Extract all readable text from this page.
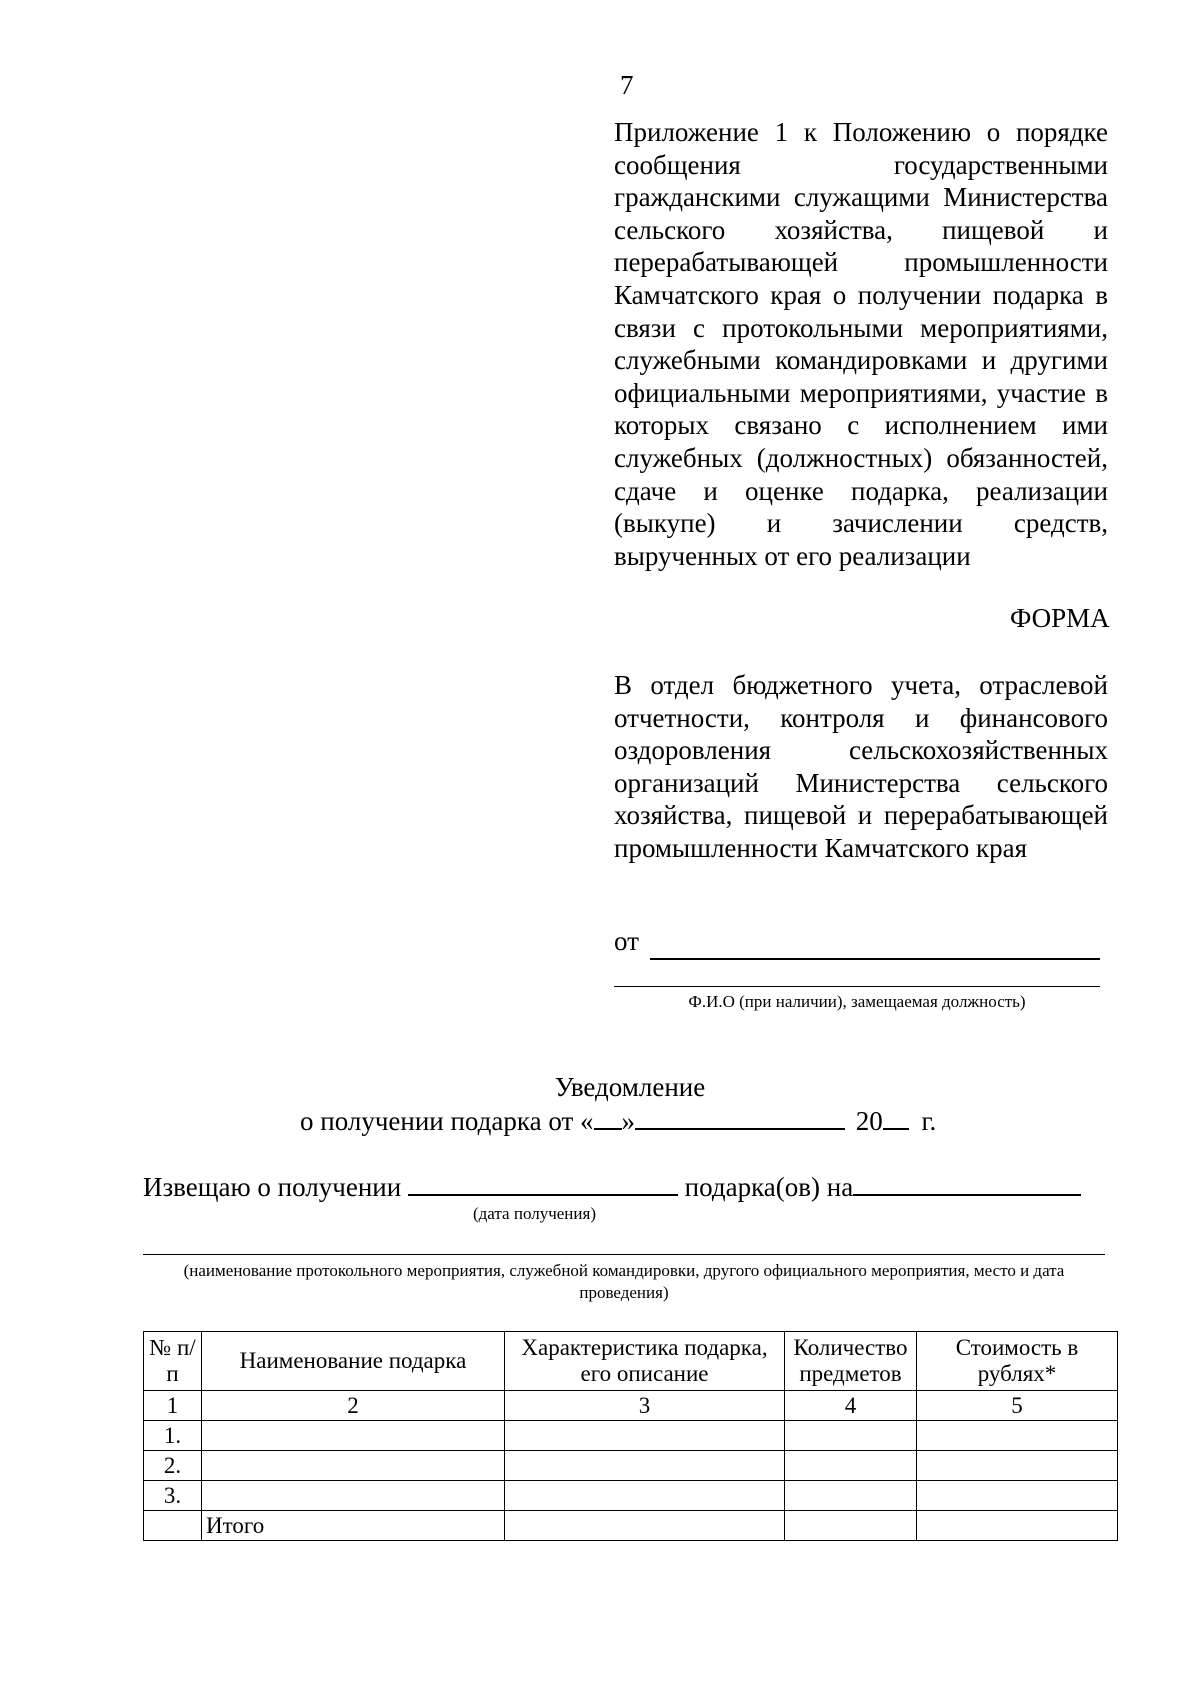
7
Приложение 1 к Положению о порядке сообщения государственными гражданскими служащими Министерства сельского хозяйства, пищевой и перерабатывающей промышленности Камчатского края о получении подарка в связи с протокольными мероприятиями, служебными командировками и другими официальными мероприятиями, участие в которых связано с исполнением ими служебных (должностных) обязанностей, сдаче и оценке подарка, реализации (выкупе) и зачислении средств, вырученных от его реализации
ФОРМА
В отдел бюджетного учета, отраслевой отчетности, контроля и финансового оздоровления сельскохозяйственных организаций Министерства сельского хозяйства, пищевой и перерабатывающей промышленности Камчатского края
от
Ф.И.О (при наличии), замещаемая должность)
Уведомление
о получении подарка от « »	20 г.
Извещаю о получении	подарка(ов) на
(дата получения)
(наименование протокольного мероприятия, служебной командировки, другого официального мероприятия, место и дата проведения)
№ п/п	Наименование подарка	Характеристика подарка, его описание	Количество предметов	Стоимость в рублях*
1	2	3	4	5
1.				
2.				
3.				
	Итого			
